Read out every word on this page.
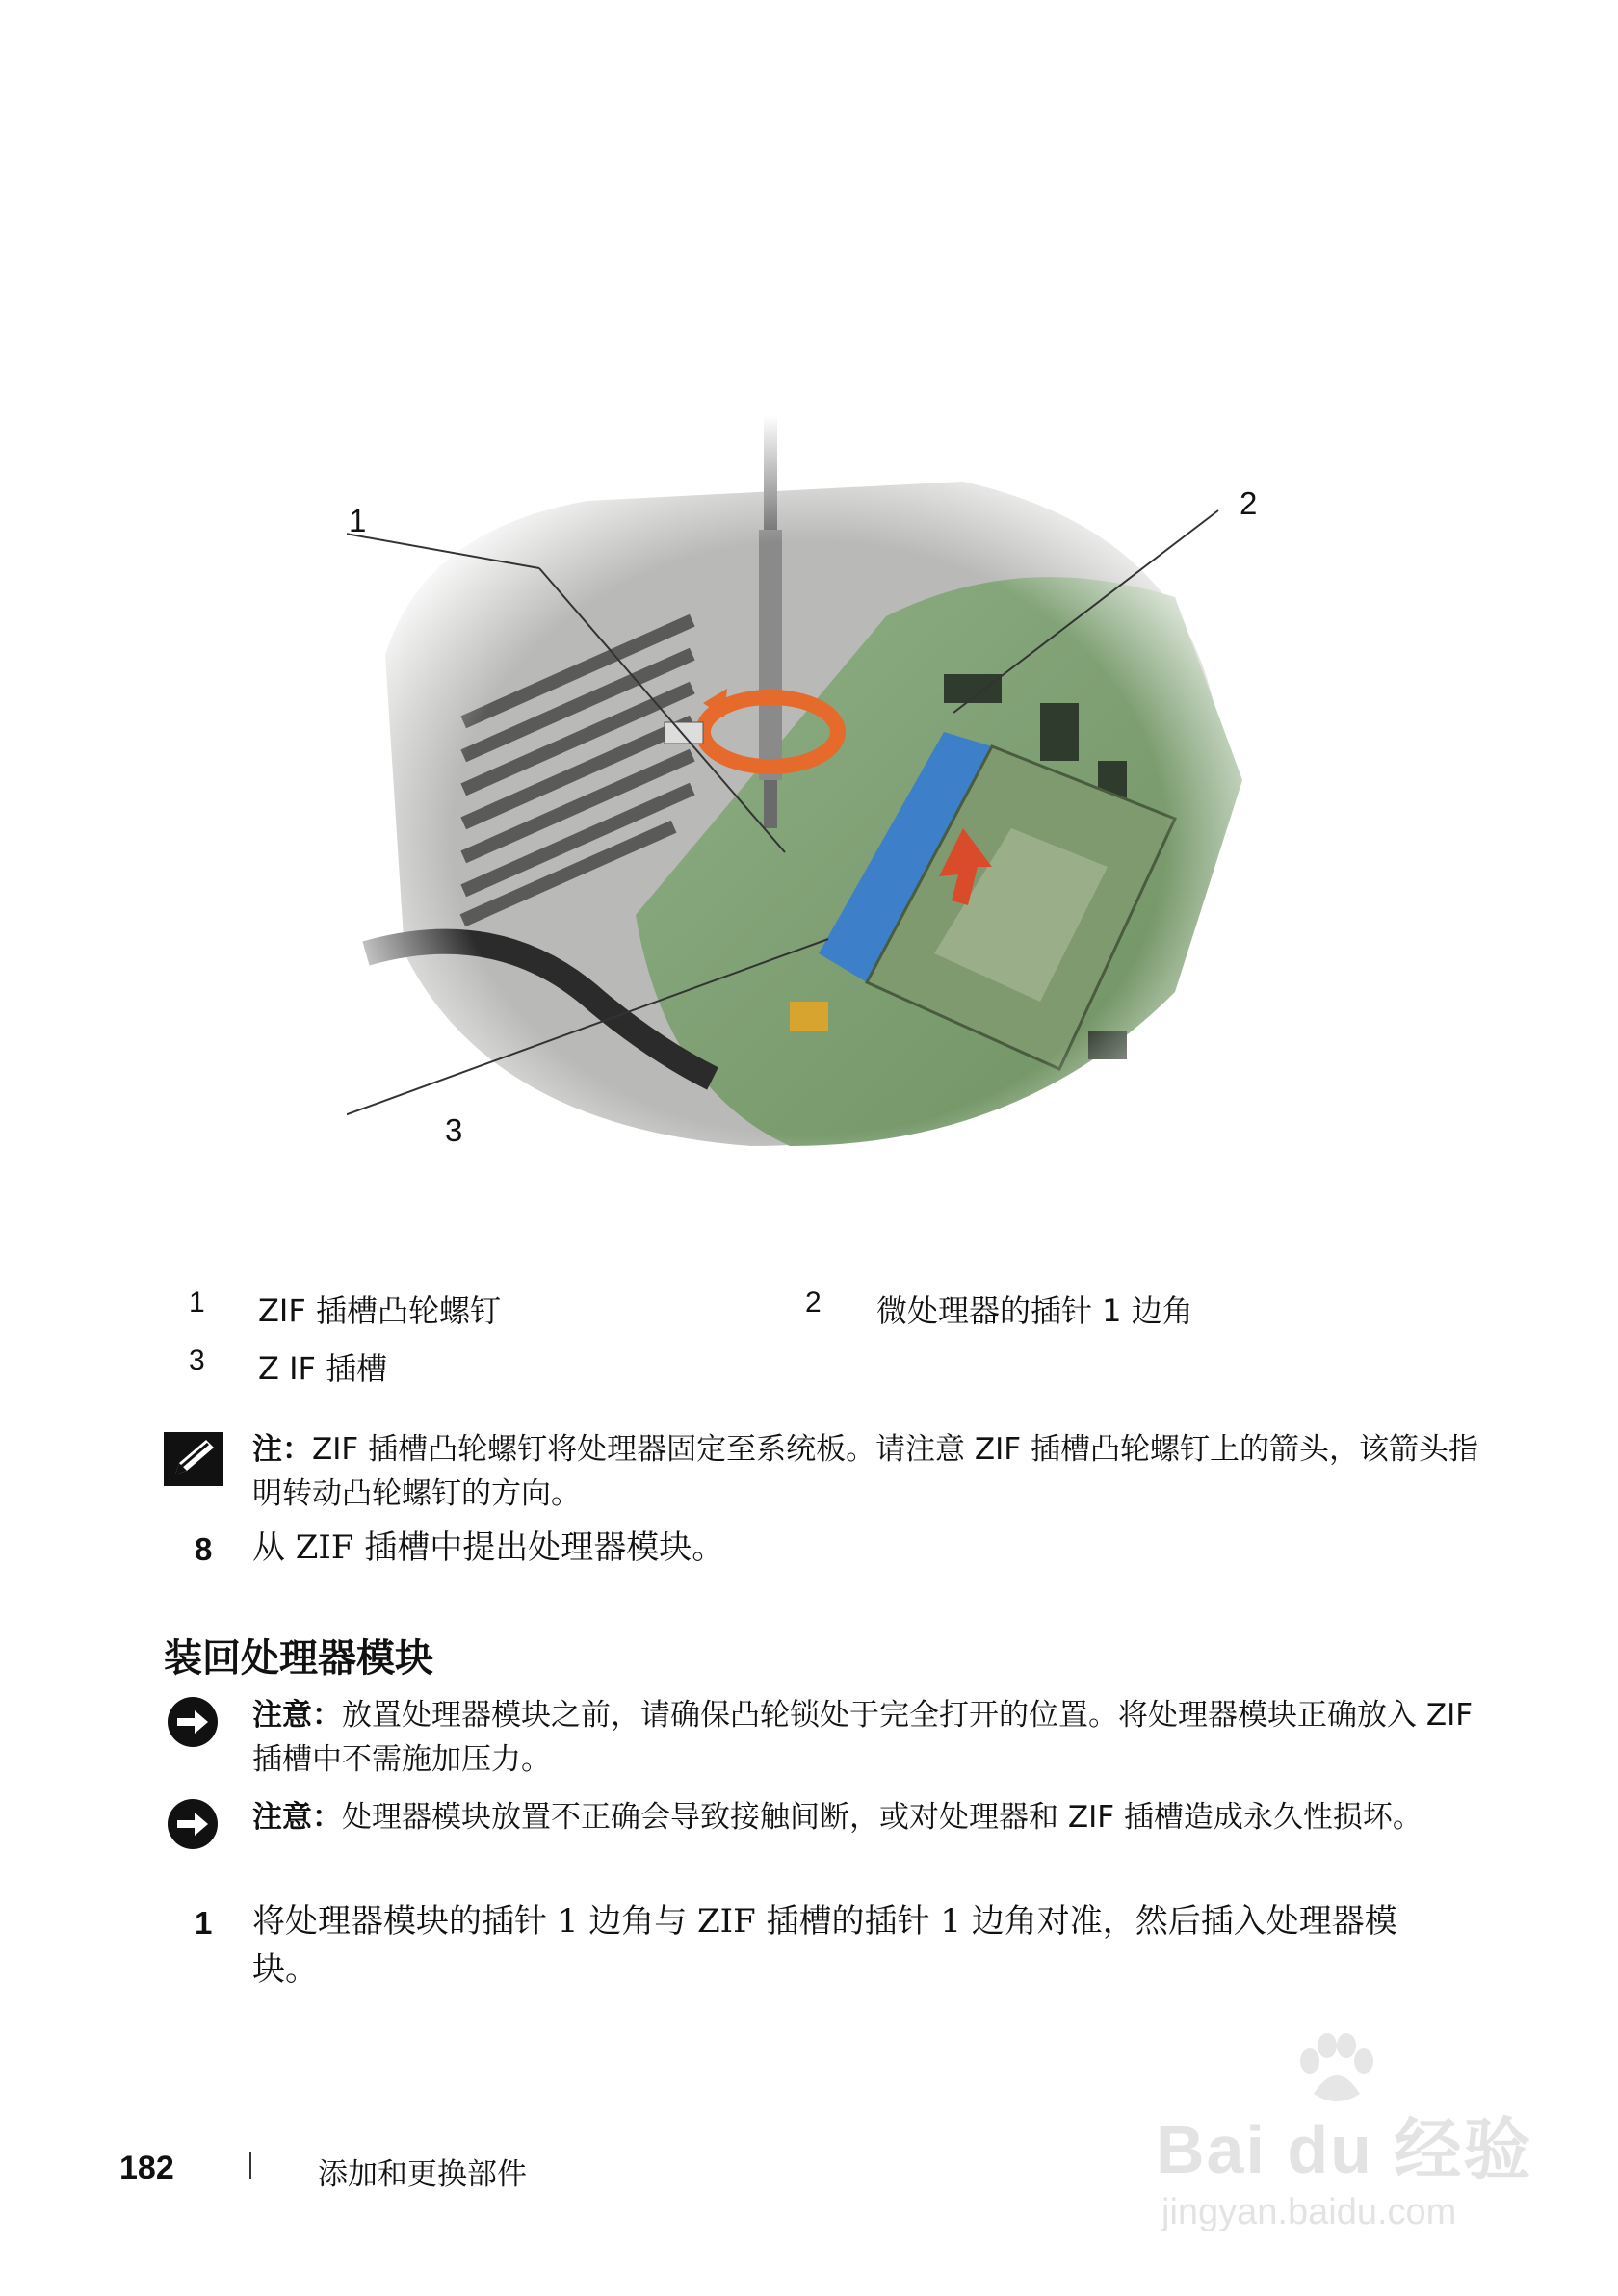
1	2
3
1 ZIF 插槽凸轮螺钉	2 微处理器的插针 1 边角
3 Z IF 插槽
注：ZIF 插槽凸轮螺钉将处理器固定至系统板。请注意 ZIF 插槽凸轮螺钉上的箭头，该箭头指明转动凸轮螺钉的方向。
8 从 ZIF 插槽中提出处理器模块。
装回处理器模块
注意：放置处理器模块之前，请确保凸轮锁处于完全打开的位置。将处理器模块正确放入 ZIF 插槽中不需施加压力。
注意：处理器模块放置不正确会导致接触间断，或对处理器和 ZIF 插槽造成永久性损坏。
1 将处理器模块的插针 1 边角与 ZIF 插槽的插针 1 边角对准，然后插入处理器模块。
182	添加和更换部件	Bai du 经验
jingyan.baidu.com
